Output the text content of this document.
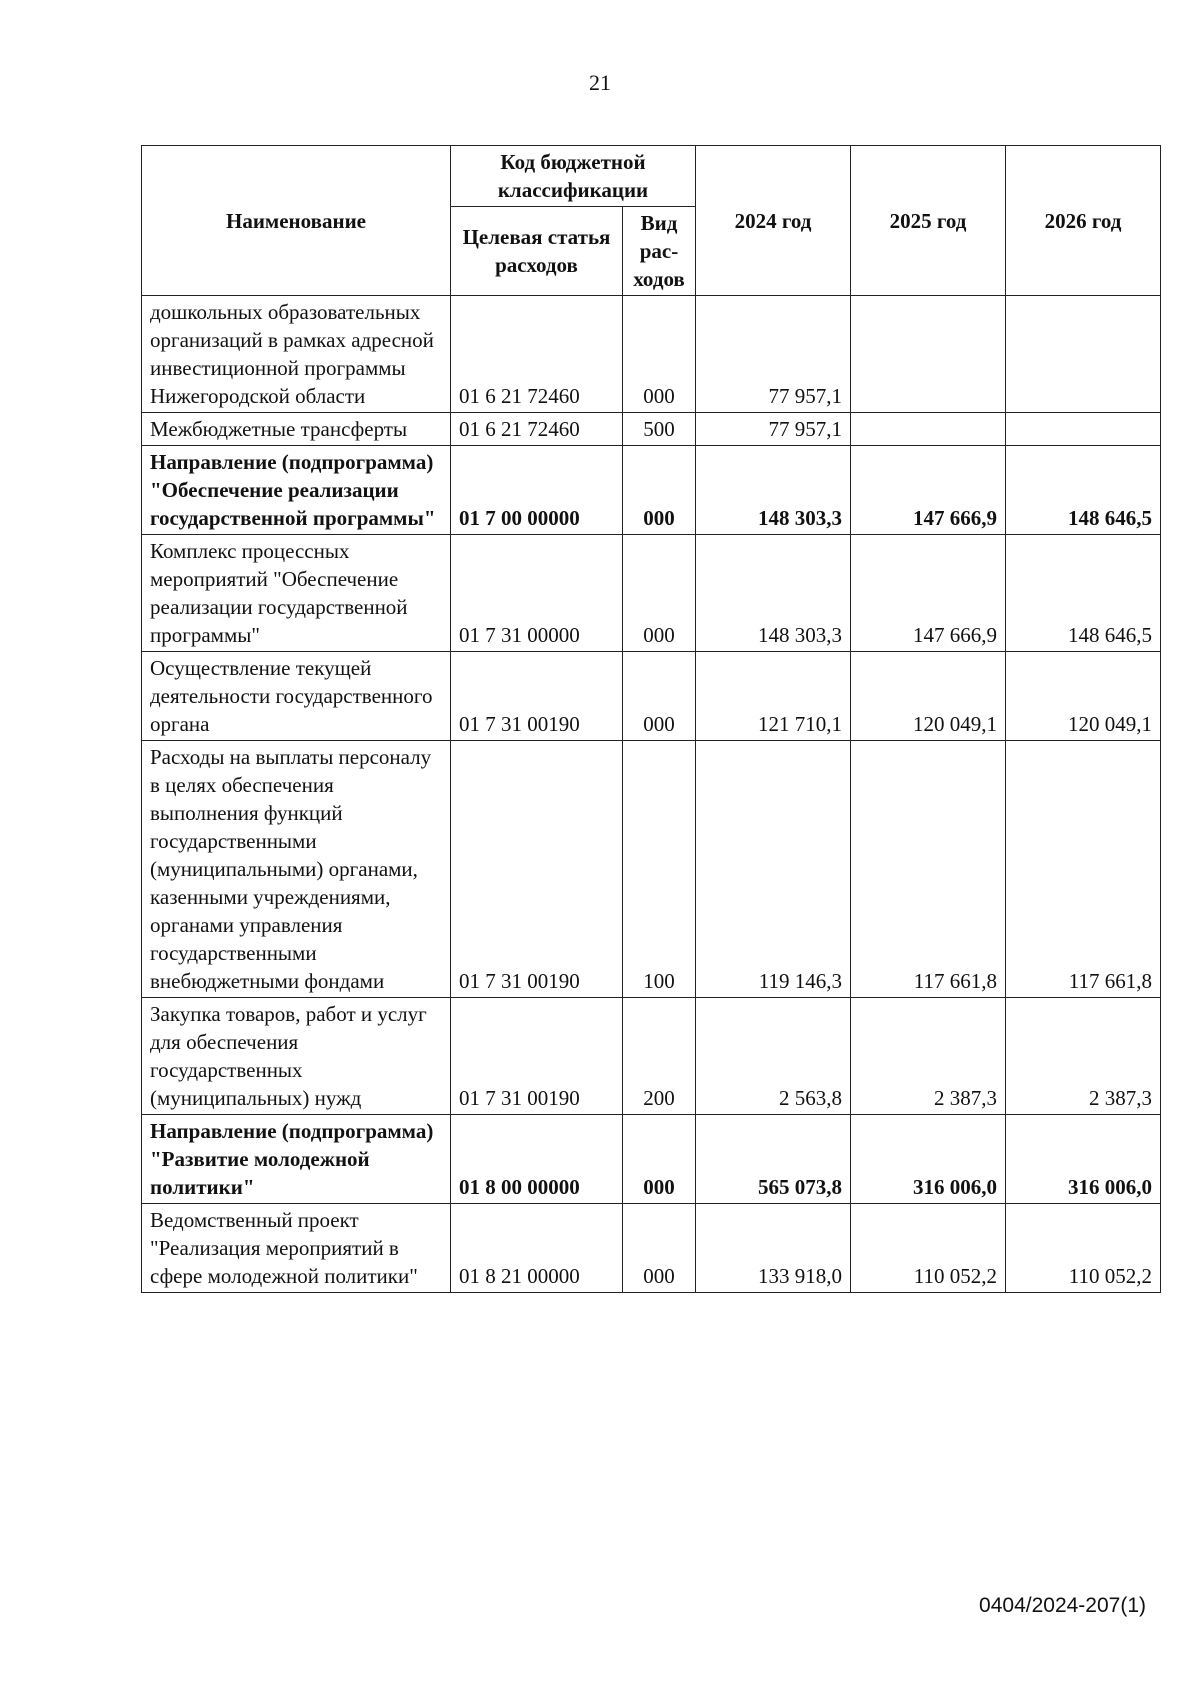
21
Наименование	Код бюджетной классификации		2024 год	2025 год	2026 год
	Целевая статья расходов	Вид рас-ходов			
дошкольных образовательных организаций в рамках адресной инвестиционной программы Нижегородской области	01 6 21 72460	000	77 957,1		
Межбюджетные трансферты	01 6 21 72460	500	77 957,1		
Направление (подпрограмма) "Обеспечение реализации государственной программы"	01 7 00 00000	000	148 303,3	147 666,9	148 646,5
Комплекс процессных мероприятий "Обеспечение реализации государственной программы"	01 7 31 00000	000	148 303,3	147 666,9	148 646,5
Осуществление текущей деятельности государственного органа	01 7 31 00190	000	121 710,1	120 049,1	120 049,1
Расходы на выплаты персоналу в целях обеспечения выполнения функций государственными (муниципальными) органами, казенными учреждениями, органами управления государственными внебюджетными фондами	01 7 31 00190	100	119 146,3	117 661,8	117 661,8
Закупка товаров, работ и услуг для обеспечения государственных (муниципальных) нужд	01 7 31 00190	200	2 563,8	2 387,3	2 387,3
Направление (подпрограмма) "Развитие молодежной политики"	01 8 00 00000	000	565 073,8	316 006,0	316 006,0
Ведомственный проект "Реализация мероприятий в сфере молодежной политики"	01 8 21 00000	000	133 918,0	110 052,2	110 052,2
0404/2024-207(1)
